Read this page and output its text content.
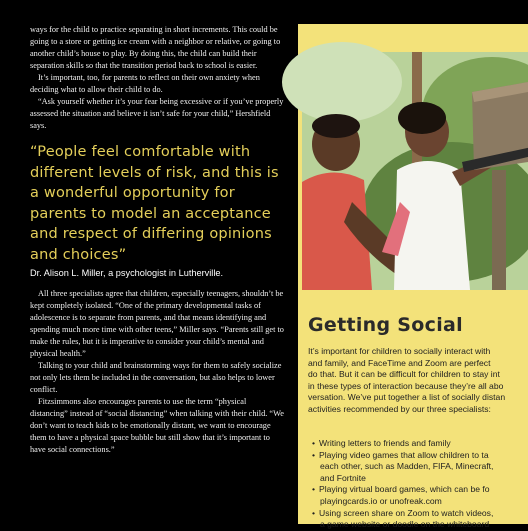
ways for the child to practice separating in short increments. This could be going to a store or getting ice cream with a neighbor or relative, or going to another child’s house to play. By doing this, the child can build their separation skills so that the transition period back to school is easier.

It’s important, too, for parents to reflect on their own anxiety when deciding what to allow their child to do.

“Ask yourself whether it’s your fear being excessive or if you’ve properly assessed the situation and believe it isn’t safe for your child,” Hershfield says.

“People feel comfortable with different levels of risk, and this is a wonderful opportunity for parents to model an acceptance and respect of differing opinions and choices”
Dr. Alison L. Miller, a psychologist in Lutherville.

All three specialists agree that children, especially teenagers, shouldn’t be kept completely isolated. “One of the primary developmental tasks of adolescence is to separate from parents, and that means identifying and spending much more time with other teens,” Miller says. “Parents still get to make the rules, but it is imperative to consider your child’s mental and physical health.”

Talking to your child and brainstorming ways for them to safely socialize not only lets them be included in the conversation, but also helps to lower conflict.

Fitzsimmons also encourages parents to use the term “physical distancing” instead of “social distancing” when talking with their child. “We don’t want to teach kids to be emotionally distant, we want to encourage them to have a physical space bubble but still show that it’s important to have social connections.”

Getting Social
It’s important for children to socially interact with
and family, and FaceTime and Zoom are perfect
do that. But it can be difficult for children to stay int
in these types of interaction because they’re all abo
versation. We’ve put together a list of socially distan
activities recommended by our three specialists:
• Writing letters to friends and family
• Playing video games that allow children to ta
each other, such as Madden, FIFA, Minecraft,
and Fortnite
• Playing virtual board games, which can be fo
playingcards.io or unofreak.com
• Using screen share on Zoom to watch videos,
a game website or doodle on the whiteboard
